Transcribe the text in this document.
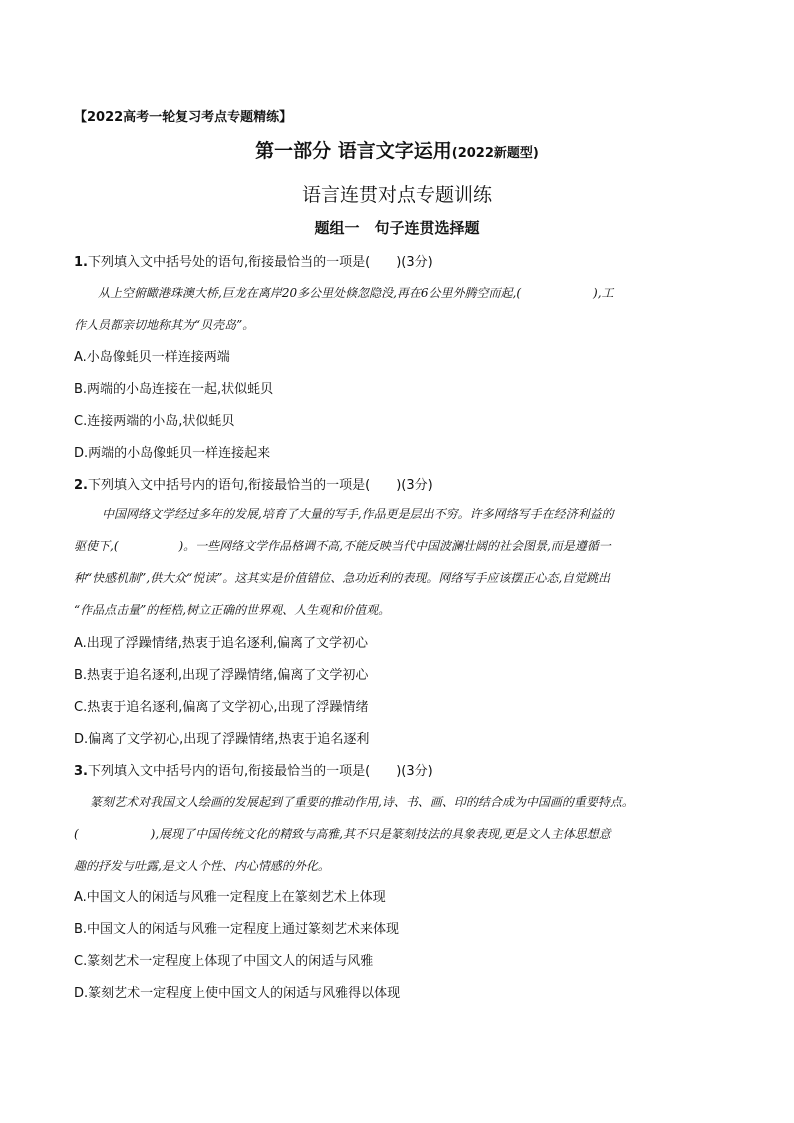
【2022高考一轮复习考点专题精练】
第一部分 语言文字运用(2022新题型)
语言连贯对点专题训练
题组一　句子连贯选择题
1.下列填入文中括号处的语句,衔接最恰当的一项是(　　)(3分)
从上空俯瞰港珠澳大桥,巨龙在离岸20多公里处倏忽隐没,再在6公里外腾空而起,(　　　　　　),工
作人员都亲切地称其为“贝壳岛”。
A.小岛像蚝贝一样连接两端
B.两端的小岛连接在一起,状似蚝贝
C.连接两端的小岛,状似蚝贝
D.两端的小岛像蚝贝一样连接起来
2.下列填入文中括号内的语句,衔接最恰当的一项是(　　)(3分)
中国网络文学经过多年的发展,培育了大量的写手,作品更是层出不穷。许多网络写手在经济利益的
驱使下,(　　　　　)。一些网络文学作品格调不高,不能反映当代中国波澜壮阔的社会图景,而是遵循一
种“快感机制”,供大众“悦读”。这其实是价值错位、急功近利的表现。网络写手应该摆正心态,自觉跳出
“作品点击量”的桎梏,树立正确的世界观、人生观和价值观。
A.出现了浮躁情绪,热衷于追名逐利,偏离了文学初心
B.热衷于追名逐利,出现了浮躁情绪,偏离了文学初心
C.热衷于追名逐利,偏离了文学初心,出现了浮躁情绪
D.偏离了文学初心,出现了浮躁情绪,热衷于追名逐利
3.下列填入文中括号内的语句,衔接最恰当的一项是(　　)(3分)
篆刻艺术对我国文人绘画的发展起到了重要的推动作用,诗、书、画、印的结合成为中国画的重要特点。
(　　　　　　),展现了中国传统文化的精致与高雅,其不只是篆刻技法的具象表现,更是文人主体思想意
趣的抒发与吐露,是文人个性、内心情感的外化。
A.中国文人的闲适与风雅一定程度上在篆刻艺术上体现
B.中国文人的闲适与风雅一定程度上通过篆刻艺术来体现
C.篆刻艺术一定程度上体现了中国文人的闲适与风雅
D.篆刻艺术一定程度上使中国文人的闲适与风雅得以体现
